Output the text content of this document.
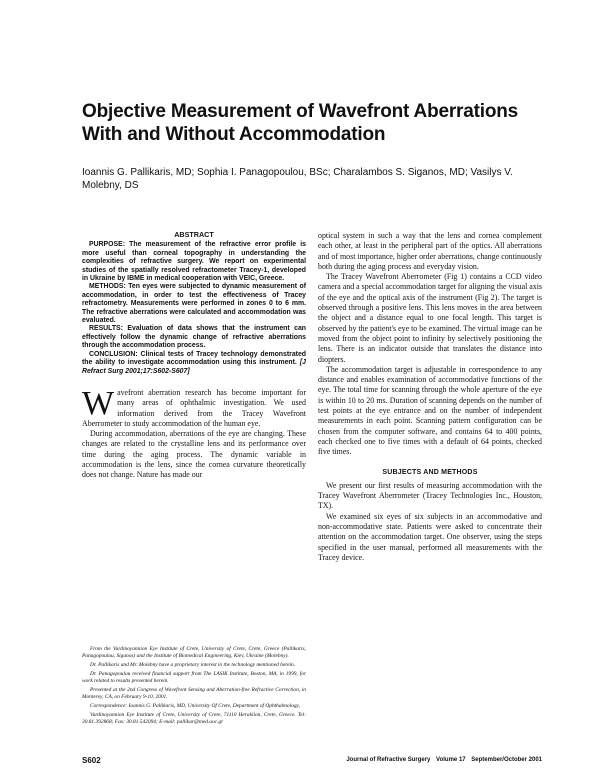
Objective Measurement of Wavefront Aberrations With and Without Accommodation

Ioannis G. Pallikaris, MD; Sophia I. Panagopoulou, BSc; Charalambos S. Siganos, MD; Vasilys V. Molebny, DS

ABSTRACT

PURPOSE: The measurement of the refractive error profile is more useful than corneal topography in understanding the complexities of refractive surgery. We report on experimental studies of the spatially resolved refractometer Tracey-1, developed in Ukraine by IBME in medical cooperation with VEIC, Greece.

METHODS: Ten eyes were subjected to dynamic measurement of accommodation, in order to test the effectiveness of Tracey refractometry. Measurements were performed in zones 0 to 6 mm. The refractive aberrations were calculated and accommodation was evaluated.

RESULTS: Evaluation of data shows that the instrument can effectively follow the dynamic change of refractive aberrations through the accommodation process.

CONCLUSION: Clinical tests of Tracey technology demonstrated the ability to investigate accommodation using this instrument. [J Refract Surg 2001;17:S602-S607]

Wavefront aberration research has become important for many areas of ophthalmic investigation. We used information derived from the Tracey Wavefront Aberrometer to study accommodation of the human eye.

During accommodation, aberrations of the eye are changing. These changes are related to the crystalline lens and its performance over time during the aging process. The dynamic variable in accommodation is the lens, since the cornea curvature theoretically does not change. Nature has made our

optical system in such a way that the lens and cornea complement each other, at least in the peripheral part of the optics. All aberrations and of most importance, higher order aberrations, change continuously both during the aging process and everyday vision.

The Tracey Wavefront Aberrometer (Fig 1) contains a CCD video camera and a special accommodation target for aligning the visual axis of the eye and the optical axis of the instrument (Fig 2). The target is observed through a positive lens. This lens moves in the area between the object and a distance equal to one focal length. This target is observed by the patient's eye to be examined. The virtual image can be moved from the object point to infinity by selectively positioning the lens. There is an indicator outside that translates the distance into diopters.

The accommodation target is adjustable in correspondence to any distance and enables examination of accommodative functions of the eye. The total time for scanning through the whole aperture of the eye is within 10 to 20 ms. Duration of scanning depends on the number of test points at the eye entrance and on the number of independent measurements in each point. Scanning pattern configuration can be chosen from the computer software, and contains 64 to 400 points, each checked one to five times with a default of 64 points, checked five times.

SUBJECTS AND METHODS

We present our first results of measuring accommodation with the Tracey Wavefront Aberrometer (Tracey Technologies Inc., Houston, TX).

We examined six eyes of six subjects in an accommodative and non-accommodative state. Patients were asked to concentrate their attention on the accommodation target. One observer, using the steps specified in the user manual, performed all measurements with the Tracey device.

From the Vardinoyannion Eye Institute of Crete, University of Crete, Crete, Greece (Pallikaris, Panagopoulou, Siganos) and the Institute of Biomedical Engineering, Kiev, Ukraine (Molebny).

Dr. Pallikaris and Mr. Molebny have a proprietary interest in the technology mentioned herein.

Dr. Panagopoulou received financial support from The LASIK Institute, Boston, MA, in 1999, for work related to results presented herein.

Presented at the 2nd Congress of Wavefront Sensing and Aberration-free Refractive Correction, in Monterey, CA, on February 9-10, 2001.

Correspondence: Ioannis G. Pallikaris, MD, University Of Crete, Department of Ophthalmology,

Vardinoyannion Eye Institute of Crete, University of Crete, 71110 Heraklion, Crete, Greece. Tel: 30.81.392868; Fax: 30.81.542094; E-mail: pallikar@med.uoc.gr

S602	Journal of Refractive Surgery Volume 17 September/October 2001
